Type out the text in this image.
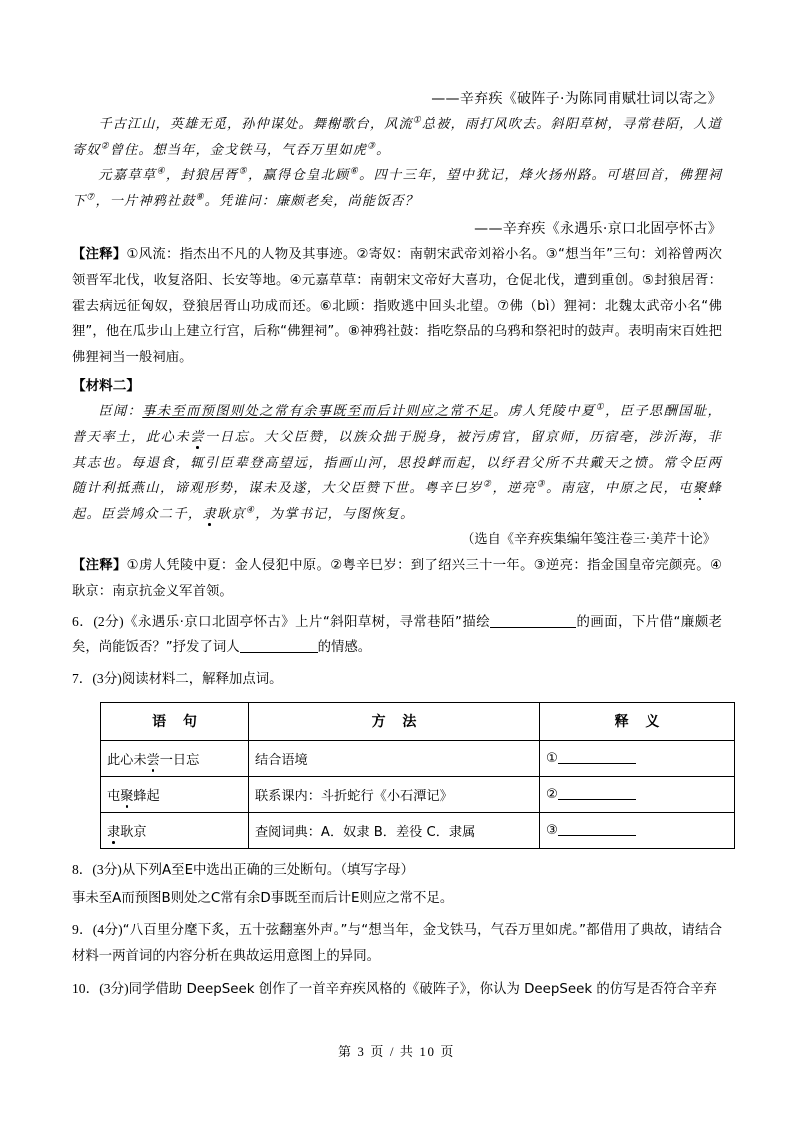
——辛弃疾《破阵子·为陈同甫赋壮词以寄之》

千古江山，英雄无觅，孙仲谋处。舞榭歌台，风流①总被，雨打风吹去。斜阳草树，寻常巷陌，人道寄奴②曾住。想当年，金戈铁马，气吞万里如虎③。

元嘉草草④，封狼居胥⑤，赢得仓皇北顾⑥。四十三年，望中犹记，烽火扬州路。可堪回首，佛狸祠下⑦，一片神鸦社鼓⑧。凭谁问：廉颇老矣，尚能饭否？

——辛弃疾《永遇乐·京口北固亭怀古》

【注释】①风流：指杰出不凡的人物及其事迹。②寄奴：南朝宋武帝刘裕小名。③“想当年”三句：刘裕曾两次领晋军北伐，收复洛阳、长安等地。④元嘉草草：南朝宋文帝好大喜功，仓促北伐，遭到重创。⑤封狼居胥：霍去病远征匈奴，登狼居胥山功成而还。⑥北顾：指败逃中回头北望。⑦佛（bì）狸祠：北魏太武帝小名“佛狸”，他在瓜步山上建立行宫，后称“佛狸祠”。⑧神鸦社鼓：指吃祭品的乌鸦和祭祀时的鼓声。表明南宋百姓把佛狸祠当一般祠庙。

【材料二】

臣闻：事未至而预图则处之常有余事既至而后计则应之常不足。虏人凭陵中夏①，臣子思酬国耻，普天率土，此心未尝一日忘。大父臣赞，以族众拙于脱身，被污虏官，留京师，历宿亳，涉沂海，非其志也。每退食，辄引臣辈登高望远，指画山河，思投衅而起，以纾君父所不共戴天之愤。常令臣两随计利抵燕山，谛观形势，谋未及遂，大父臣赞下世。粤辛巳岁②，逆亮③。南寇，中原之民，屯聚蜂起。臣尝鸠众二千，隶耿京④，为掌书记，与图恢复。

（选自《辛弃疾集编年笺注卷三·美芹十论》

【注释】①虏人凭陵中夏：金人侵犯中原。②粤辛巳岁：到了绍兴三十一年。③逆亮：指金国皇帝完颜亮。④耿京：南京抗金义军首领。

6．(2分)《永遇乐·京口北固亭怀古》上片“斜阳草树，寻常巷陌”描绘	的画面，下片借“廉颇老矣，尚能饭否？”抒发了词人	的情感。

7．(3分)阅读材料二，解释加点词。

语 句	方 法	释 义
此心未尝一日忘	结合语境	①
屯聚蜂起	联系课内：斗折蛇行《小石潭记》	②
隶耿京	查阅词典：A．奴隶 B．差役 C．隶属	③

8．(3分)从下列A至E中选出正确的三处断句。（填写字母）

事未至A而预图B则处之C常有余D事既至而后计E则应之常不足。

9．(4分)“八百里分麾下炙，五十弦翻塞外声。”与“想当年，金戈铁马，气吞万里如虎。”都借用了典故，请结合材料一两首词的内容分析在典故运用意图上的异同。

10．(3分)同学借助 DeepSeek 创作了一首辛弃疾风格的《破阵子》，你认为 DeepSeek 的仿写是否符合辛弃

第 3 页 / 共 10 页
